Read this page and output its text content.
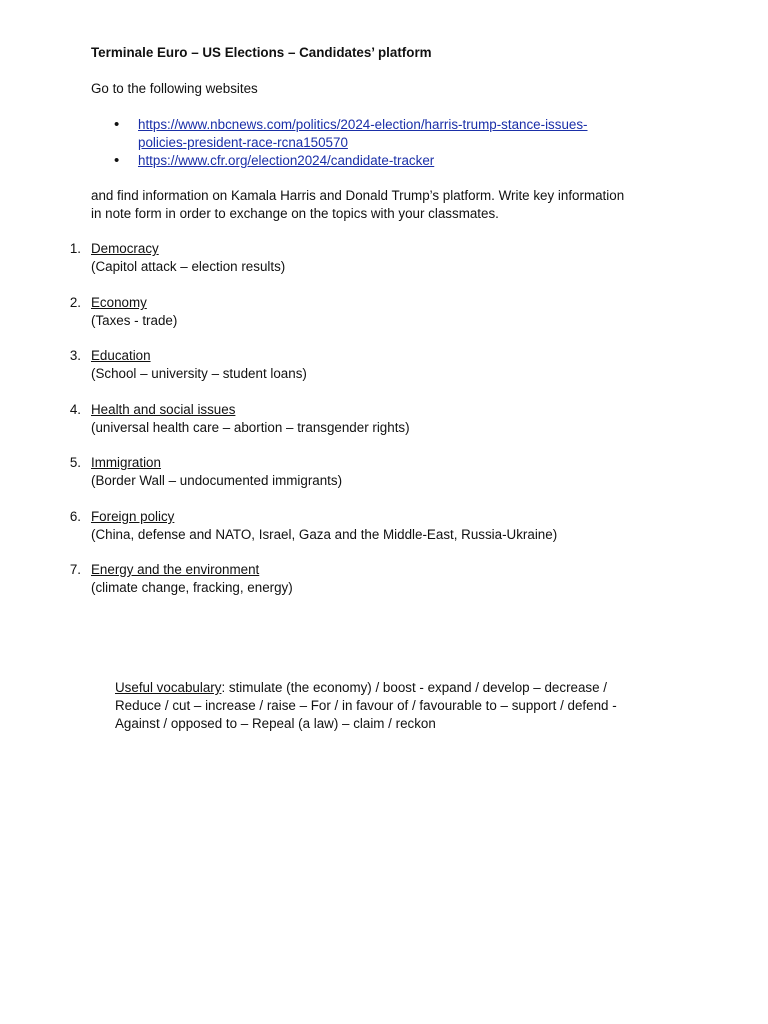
Terminale Euro – US Elections – Candidates’ platform
Go to the following websites
• https://www.nbcnews.com/politics/2024-election/harris-trump-stance-issues-
policies-president-race-rcna150570
• https://www.cfr.org/election2024/candidate-tracker
and find information on Kamala Harris and Donald Trump’s platform. Write key information
in note form in order to exchange on the topics with your classmates.
1. Democracy
(Capitol attack – election results)
2. Economy
(Taxes - trade)
3. Education
(School – university – student loans)
4. Health and social issues
(universal health care – abortion – transgender rights)
5. Immigration
(Border Wall – undocumented immigrants)
6. Foreign policy
(China, defense and NATO, Israel, Gaza and the Middle-East, Russia-Ukraine)
7. Energy and the environment
(climate change, fracking, energy)
Useful vocabulary: stimulate (the economy) / boost - expand / develop – decrease /
Reduce / cut – increase / raise – For / in favour of / favourable to – support / defend -
Against / opposed to – Repeal (a law) – claim / reckon
